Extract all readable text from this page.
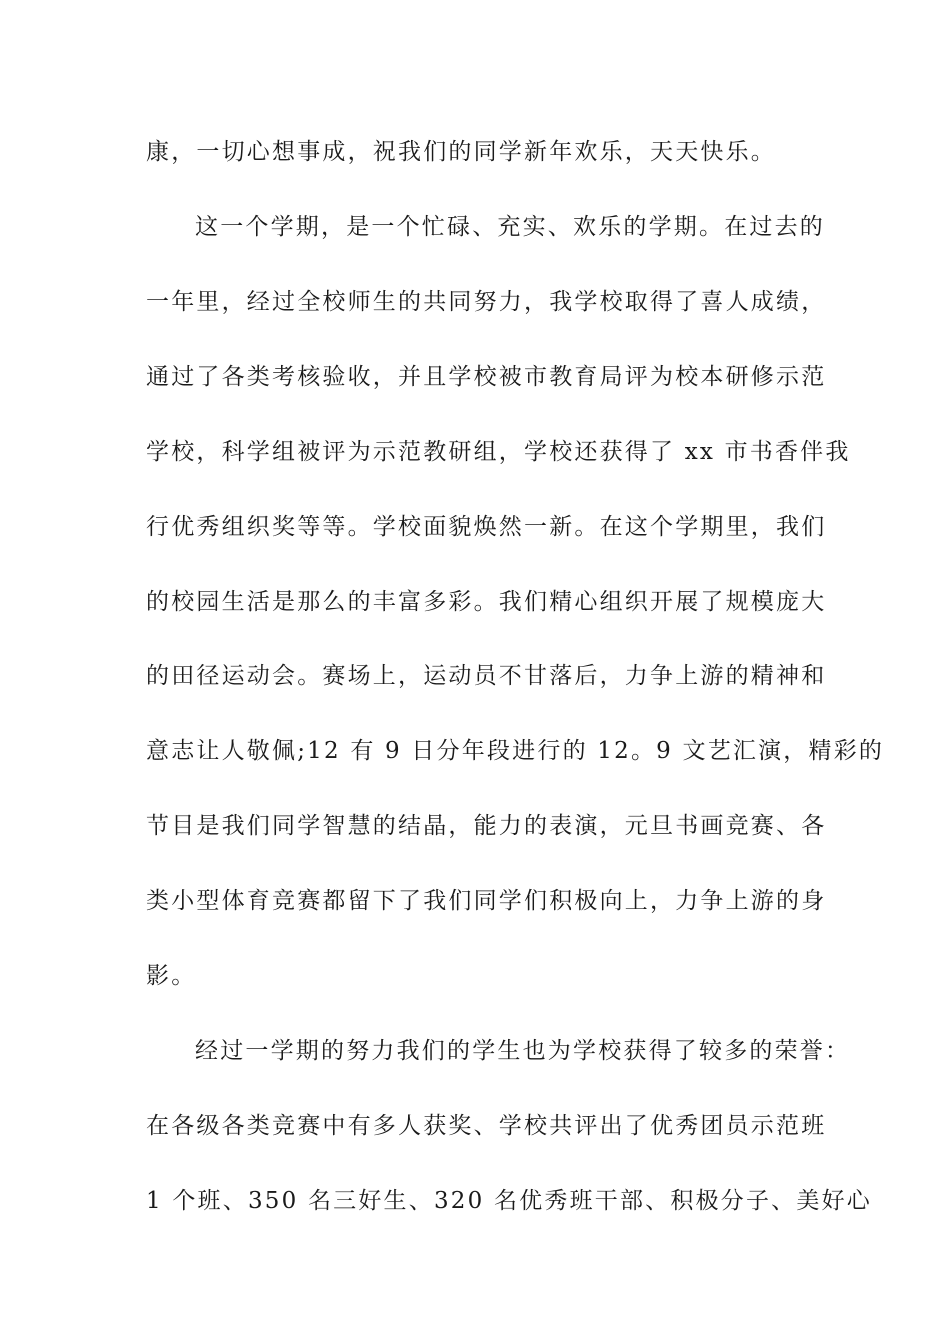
康，一切心想事成，祝我们的同学新年欢乐，天天快乐。
这一个学期，是一个忙碌、充实、欢乐的学期。在过去的
一年里，经过全校师生的共同努力，我学校取得了喜人成绩，
通过了各类考核验收，并且学校被市教育局评为校本研修示范
学校，科学组被评为示范教研组，学校还获得了 xx 市书香伴我
行优秀组织奖等等。学校面貌焕然一新。在这个学期里，我们
的校园生活是那么的丰富多彩。我们精心组织开展了规模庞大
的田径运动会。赛场上，运动员不甘落后，力争上游的精神和
意志让人敬佩;12 有 9 日分年段进行的 12。9 文艺汇演，精彩的
节目是我们同学智慧的结晶，能力的表演，元旦书画竞赛、各
类小型体育竞赛都留下了我们同学们积极向上，力争上游的身
影。
经过一学期的努力我们的学生也为学校获得了较多的荣誉：
在各级各类竞赛中有多人获奖、学校共评出了优秀团员示范班
1 个班、350 名三好生、320 名优秀班干部、积极分子、美好心
